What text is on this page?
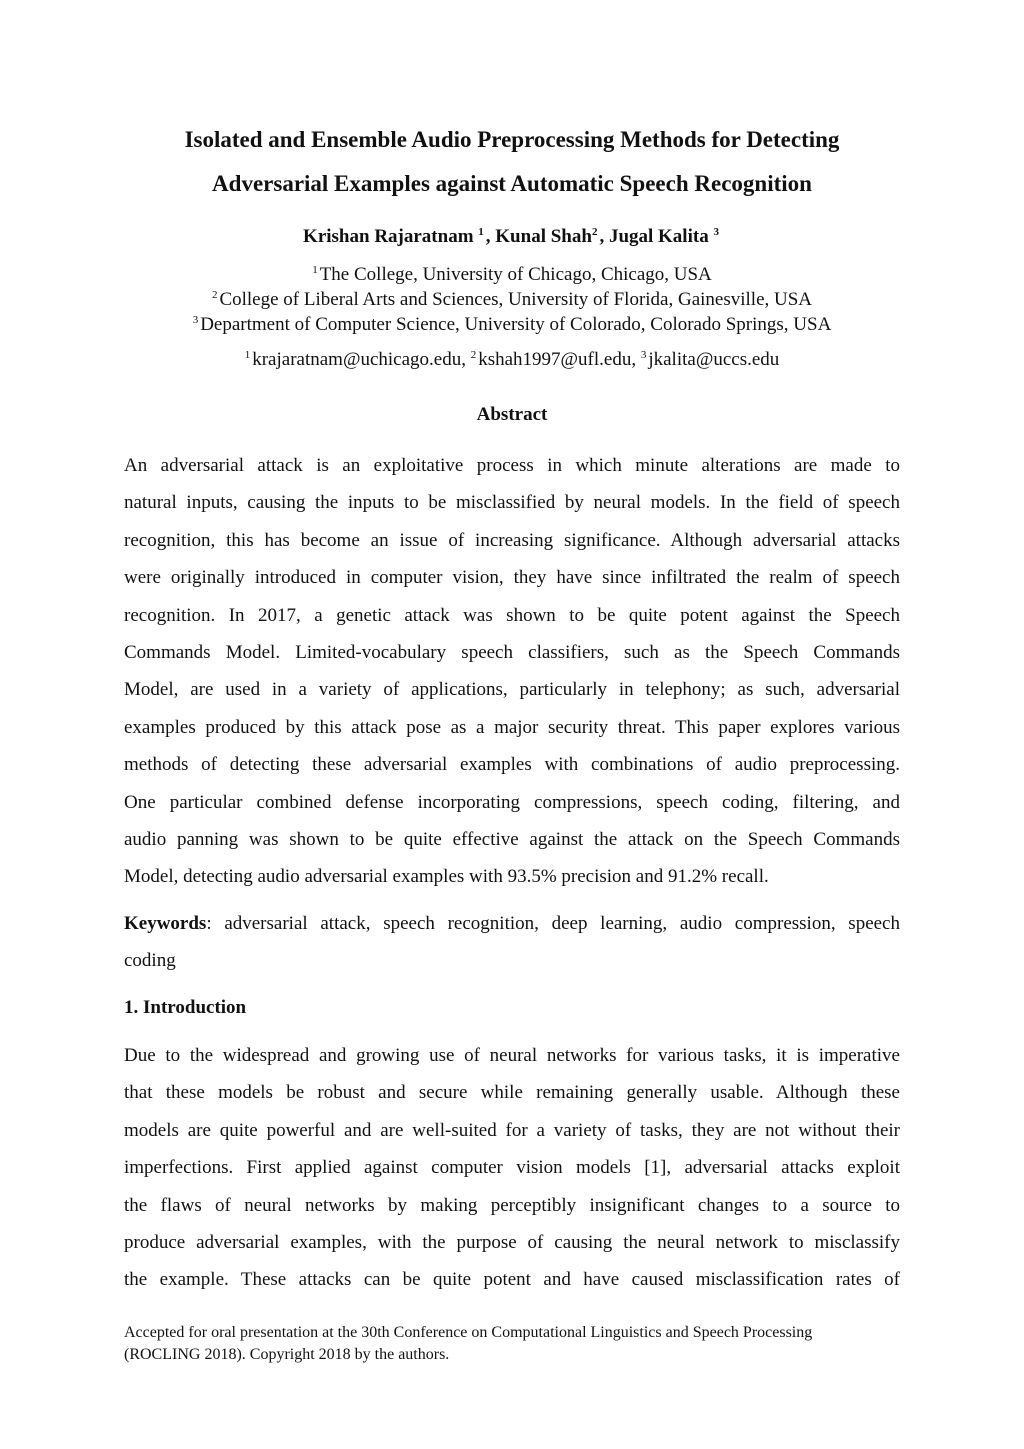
Isolated and Ensemble Audio Preprocessing Methods for Detecting
Adversarial Examples against Automatic Speech Recognition
Krishan Rajaratnam $^1$ , Kunal Shah$^2$ , Jugal Kalita $^3$
$^1$ The College, University of Chicago, Chicago, USA
$^2$ College of Liberal Arts and Sciences, University of Florida, Gainesville, USA
$^3$ Department of Computer Science, University of Colorado, Colorado Springs, USA
$^1$ krajaratnam@uchicago.edu, $^2$ kshah1997@ufl.edu, $^3$ jkalita@uccs.edu
Abstract
An adversarial attack is an exploitative process in which minute alterations are made to
natural inputs, causing the inputs to be misclassified by neural models. In the field of speech
recognition, this has become an issue of increasing significance. Although adversarial attacks
were originally introduced in computer vision, they have since infiltrated the realm of speech
recognition. In 2017, a genetic attack was shown to be quite potent against the Speech
Commands Model. Limited-vocabulary speech classifiers, such as the Speech Commands
Model, are used in a variety of applications, particularly in telephony; as such, adversarial
examples produced by this attack pose as a major security threat. This paper explores various
methods of detecting these adversarial examples with combinations of audio preprocessing.
One particular combined defense incorporating compressions, speech coding, filtering, and
audio panning was shown to be quite effective against the attack on the Speech Commands
Model, detecting audio adversarial examples with 93.5% precision and 91.2% recall.
Keywords: adversarial attack, speech recognition, deep learning, audio compression, speech
coding
1. Introduction
Due to the widespread and growing use of neural networks for various tasks, it is imperative
that these models be robust and secure while remaining generally usable. Although these
models are quite powerful and are well-suited for a variety of tasks, they are not without their
imperfections. First applied against computer vision models [1], adversarial attacks exploit
the flaws of neural networks by making perceptibly insignificant changes to a source to
produce adversarial examples, with the purpose of causing the neural network to misclassify
the example. These attacks can be quite potent and have caused misclassification rates of
Accepted for oral presentation at the 30th Conference on Computational Linguistics and Speech Processing
(ROCLING 2018). Copyright 2018 by the authors.
